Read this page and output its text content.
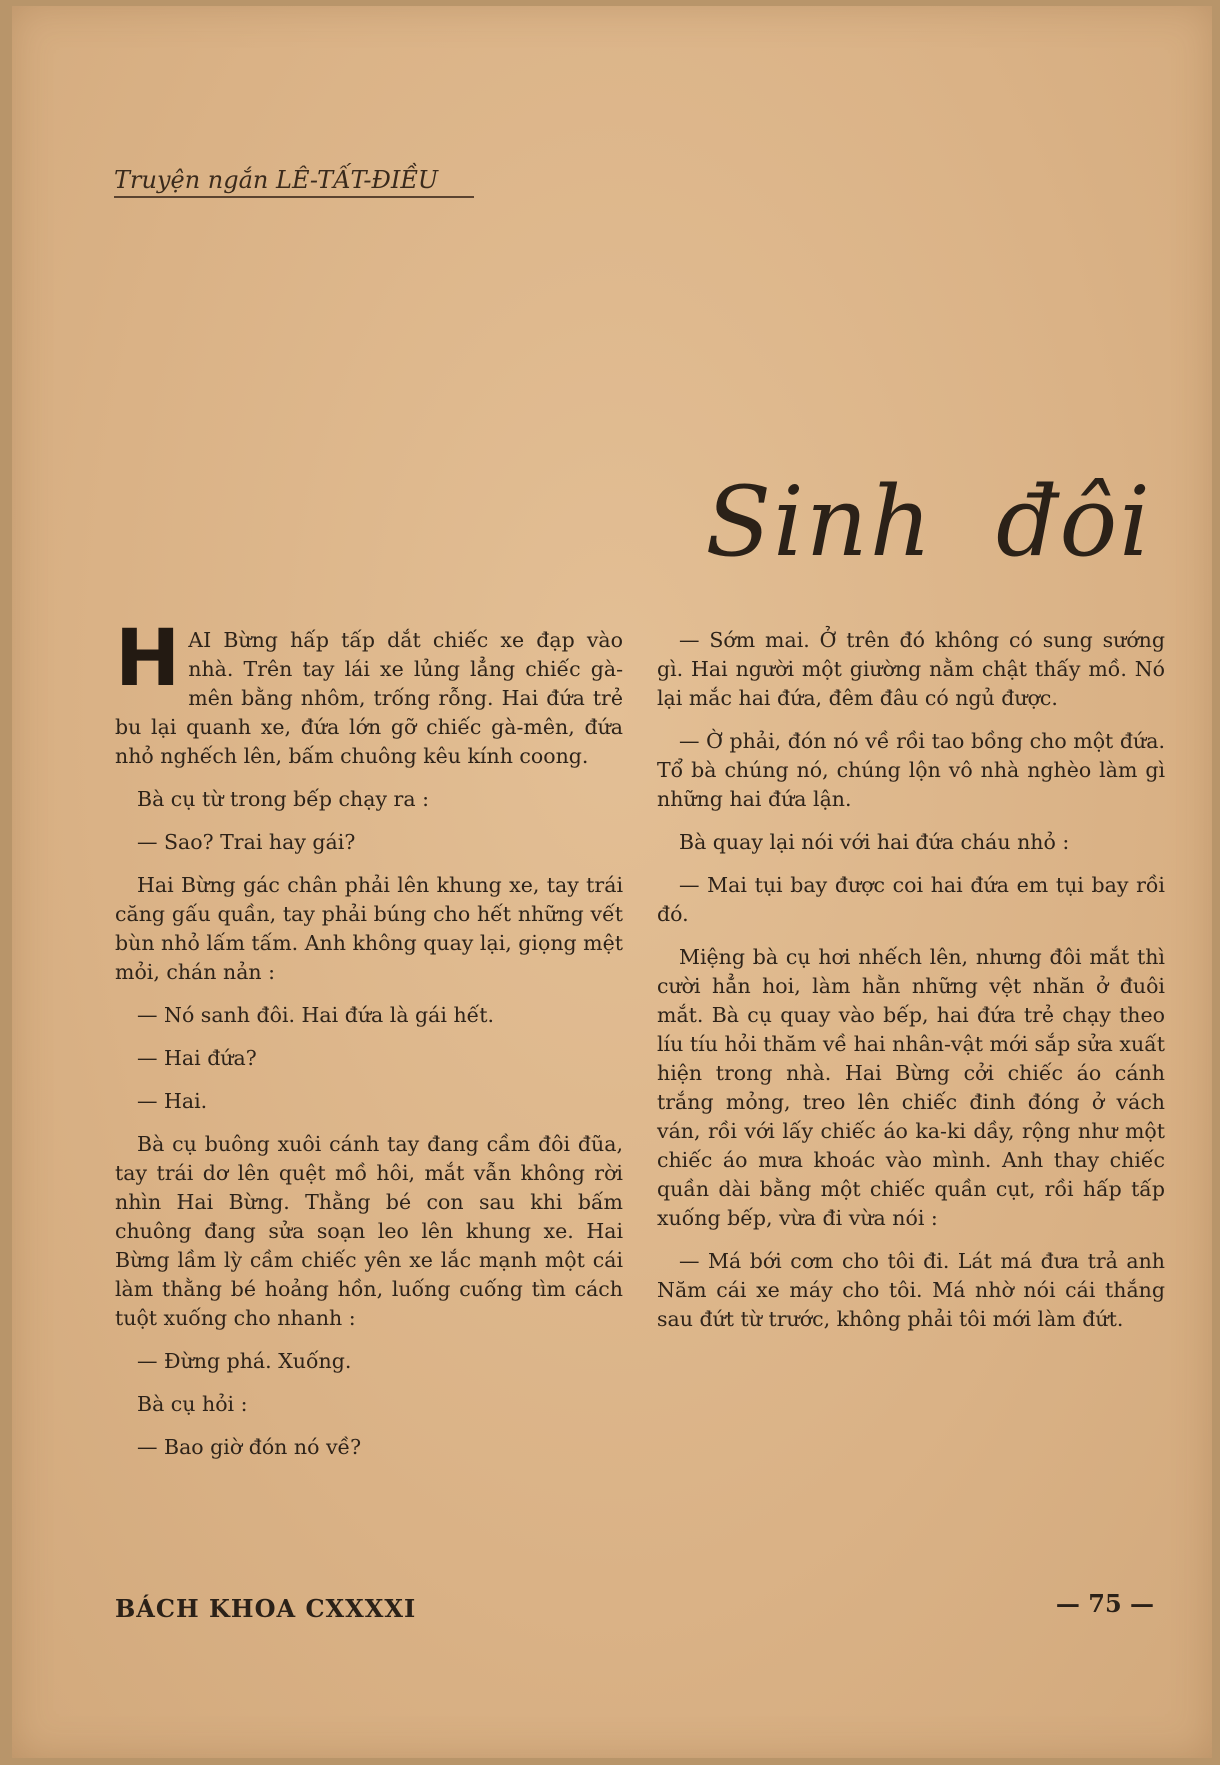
Truyện ngắn LÊ-TẤT-ĐIỀU
Sinh đôi

HAI Bừng hấp tấp dắt chiếc xe đạp vào nhà. Trên tay lái xe lủng lẳng chiếc gà-mên bằng nhôm, trống rỗng. Hai đứa trẻ bu lại quanh xe, đứa lớn gỡ chiếc gà-mên, đứa nhỏ nghếch lên, bấm chuông kêu kính coong.

Bà cụ từ trong bếp chạy ra :

— Sao? Trai hay gái?

Hai Bừng gác chân phải lên khung xe, tay trái căng gấu quần, tay phải búng cho hết những vết bùn nhỏ lấm tấm. Anh không quay lại, giọng mệt mỏi, chán nản :

— Nó sanh đôi. Hai đứa là gái hết.

— Hai đứa?

— Hai.

Bà cụ buông xuôi cánh tay đang cầm đôi đũa, tay trái dơ lên quệt mồ hôi, mắt vẫn không rời nhìn Hai Bừng. Thằng bé con sau khi bấm chuông đang sửa soạn leo lên khung xe. Hai Bừng lầm lỳ cầm chiếc yên xe lắc mạnh một cái làm thằng bé hoảng hồn, luống cuống tìm cách tuột xuống cho nhanh :

— Đừng phá. Xuống.

Bà cụ hỏi :

— Bao giờ đón nó về?

— Sớm mai. Ở trên đó không có sung sướng gì. Hai người một giường nằm chật thấy mồ. Nó lại mắc hai đứa, đêm đâu có ngủ được.

— Ờ phải, đón nó về rồi tao bồng cho một đứa. Tổ bà chúng nó, chúng lộn vô nhà nghèo làm gì những hai đứa lận.

Bà quay lại nói với hai đứa cháu nhỏ :

— Mai tụi bay được coi hai đứa em tụi bay rồi đó.

Miệng bà cụ hơi nhếch lên, nhưng đôi mắt thì cười hẳn hoi, làm hằn những vệt nhăn ở đuôi mắt. Bà cụ quay vào bếp, hai đứa trẻ chạy theo líu tíu hỏi thăm về hai nhân-vật mới sắp sửa xuất hiện trong nhà. Hai Bừng cởi chiếc áo cánh trắng mỏng, treo lên chiếc đinh đóng ở vách ván, rồi với lấy chiếc áo ka-ki dầy, rộng như một chiếc áo mưa khoác vào mình. Anh thay chiếc quần dài bằng một chiếc quần cụt, rồi hấp tấp xuống bếp, vừa đi vừa nói :

— Má bới cơm cho tôi đi. Lát má đưa trả anh Năm cái xe máy cho tôi. Má nhờ nói cái thắng sau đứt từ trước, không phải tôi mới làm đứt.

BÁCH KHOA CXXXXI	— 75 —
